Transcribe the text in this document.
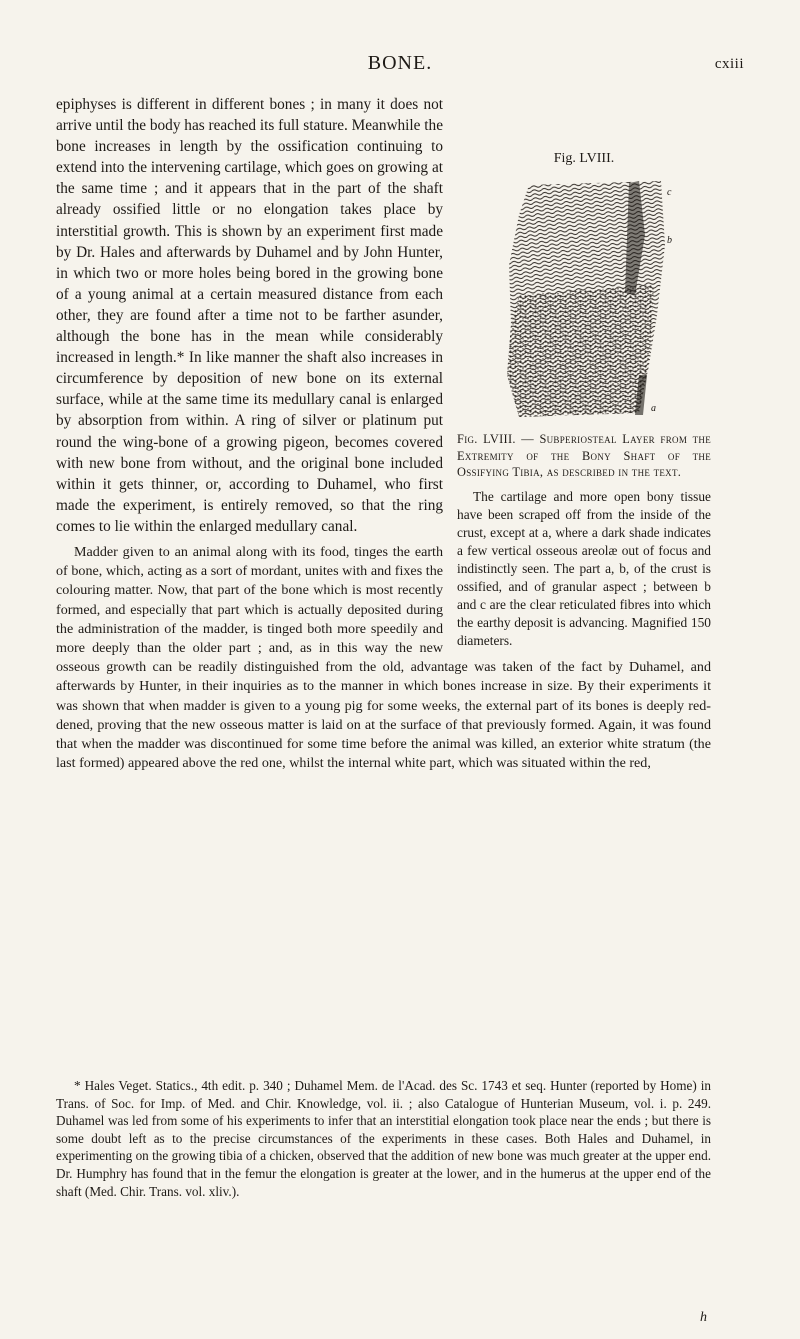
BONE.	cxiii
Fig. LVIII.
c
b
a
Fig. LVIII. — Subperiosteal Layer from the Extremity of the Bony Shaft of the Ossifying Tibia, as described in the text.
The cartilage and more open bony tissue have been scraped off from the inside of the crust, except at a, where a dark shade indicates a few vertical osseous areolæ out of focus and indistinctly seen. The part a, b, of the crust is ossified, and of granular aspect ; between b and c are the clear reticulated fibres into which the earthy deposit is advancing. Magnified 150 diameters.

epiphyses is different in different bones ; in many it does not arrive until the body has reached its full stature. Meanwhile the bone increases in length by the ossification continuing to extend into the intervening cartilage, which goes on growing at the same time ; and it appears that in the part of the shaft already ossified little or no elongation takes place by interstitial growth. This is shown by an experiment first made by Dr. Hales and afterwards by Duhamel and by John Hunter, in which two or more holes being bored in the growing bone of a young animal at a certain measured distance from each other, they are found after a time not to be farther asunder, although the bone has in the mean while considerably increased in length.* In like manner the shaft also increases in circumference by deposition of new bone on its external surface, while at the same time its medullary canal is enlarged by absorption from within. A ring of silver or platinum put round the wing-bone of a growing pigeon, becomes covered with new bone from without, and the original bone included within it gets thinner, or, according to Duhamel, who first made the experiment, is entirely removed, so that the ring comes to lie within the enlarged medullary canal.

Madder given to an animal along with its food, tinges the earth of bone, which, acting as a sort of mordant, unites with and fixes the colouring matter. Now, that part of the bone which is most recently formed, and especially that part which is actually deposited during the administration of the madder, is tinged both more speedily and more deeply than the older part ; and, as in this way the new osseous growth can be readily distinguished from the old, advantage was taken of the fact by Duhamel, and afterwards by Hunter, in their inquiries as to the manner in which bones increase in size. By their experiments it was shown that when madder is given to a young pig for some weeks, the external part of its bones is deeply red-dened, proving that the new osseous matter is laid on at the surface of that previously formed. Again, it was found that when the madder was discontinued for some time before the animal was killed, an exterior white stratum (the last formed) appeared above the red one, whilst the internal white part, which was situated within the red,

* Hales Veget. Statics., 4th edit. p. 340 ; Duhamel Mem. de l'Acad. des Sc. 1743 et seq. Hunter (reported by Home) in Trans. of Soc. for Imp. of Med. and Chir. Knowledge, vol. ii. ; also Catalogue of Hunterian Museum, vol. i. p. 249. Duhamel was led from some of his experiments to infer that an interstitial elongation took place near the ends ; but there is some doubt left as to the precise circumstances of the experiments in these cases. Both Hales and Duhamel, in experimenting on the growing tibia of a chicken, observed that the addition of new bone was much greater at the upper end. Dr. Humphry has found that in the femur the elongation is greater at the lower, and in the humerus at the upper end of the shaft (Med. Chir. Trans. vol. xliv.).

h
